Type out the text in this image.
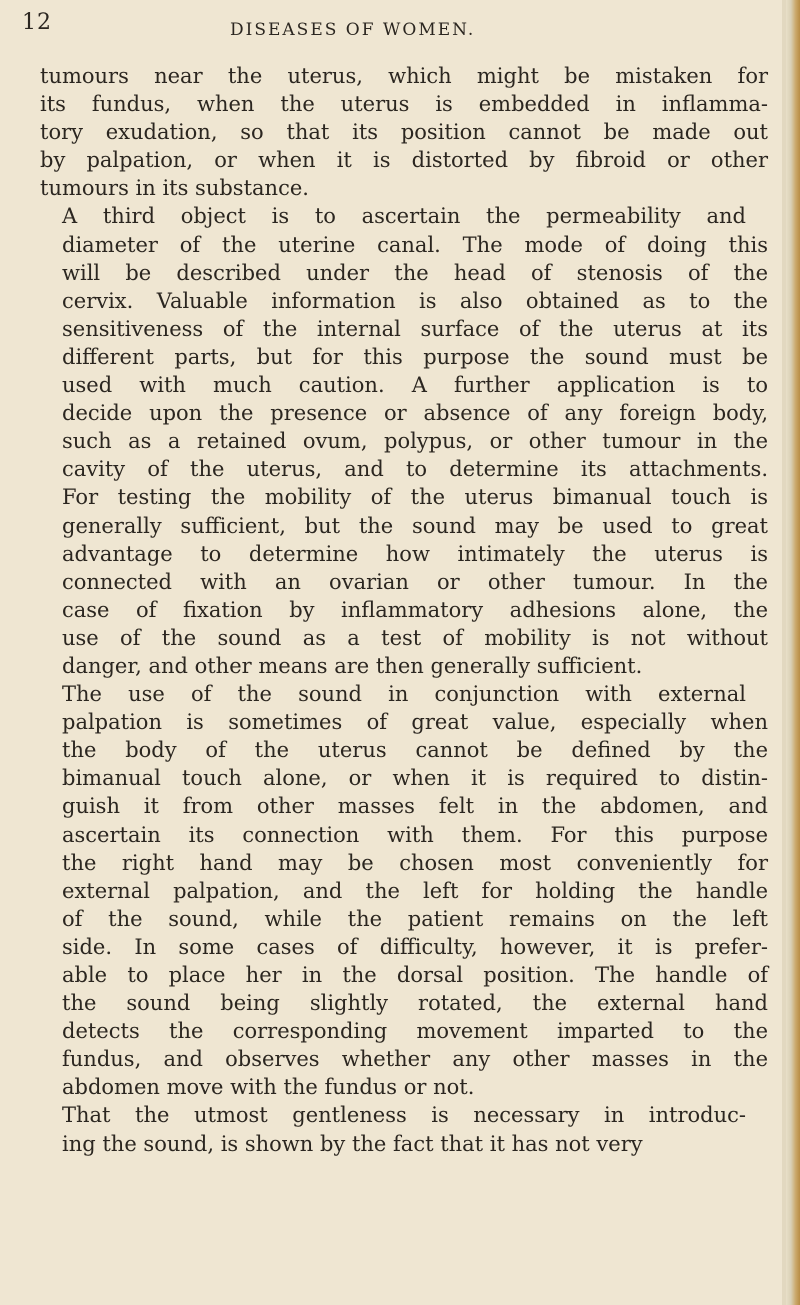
12	DISEASES OF WOMEN.

tumours near the uterus, which might be mistaken for
its fundus, when the uterus is embedded in inflamma-
tory exudation, so that its position cannot be made out
by palpation, or when it is distorted by fibroid or other
tumours in its substance.

A third object is to ascertain the permeability and
diameter of the uterine canal. The mode of doing this
will be described under the head of stenosis of the
cervix. Valuable information is also obtained as to the
sensitiveness of the internal surface of the uterus at its
different parts, but for this purpose the sound must be
used with much caution. A further application is to
decide upon the presence or absence of any foreign body,
such as a retained ovum, polypus, or other tumour in the
cavity of the uterus, and to determine its attachments.
For testing the mobility of the uterus bimanual touch is
generally sufficient, but the sound may be used to great
advantage to determine how intimately the uterus is
connected with an ovarian or other tumour. In the
case of fixation by inflammatory adhesions alone, the
use of the sound as a test of mobility is not without
danger, and other means are then generally sufficient.

The use of the sound in conjunction with external
palpation is sometimes of great value, especially when
the body of the uterus cannot be defined by the
bimanual touch alone, or when it is required to distin-
guish it from other masses felt in the abdomen, and
ascertain its connection with them. For this purpose
the right hand may be chosen most conveniently for
external palpation, and the left for holding the handle
of the sound, while the patient remains on the left
side. In some cases of difficulty, however, it is prefer-
able to place her in the dorsal position. The handle of
the sound being slightly rotated, the external hand
detects the corresponding movement imparted to the
fundus, and observes whether any other masses in the
abdomen move with the fundus or not.

That the utmost gentleness is necessary in introduc-
ing the sound, is shown by the fact that it has not very
